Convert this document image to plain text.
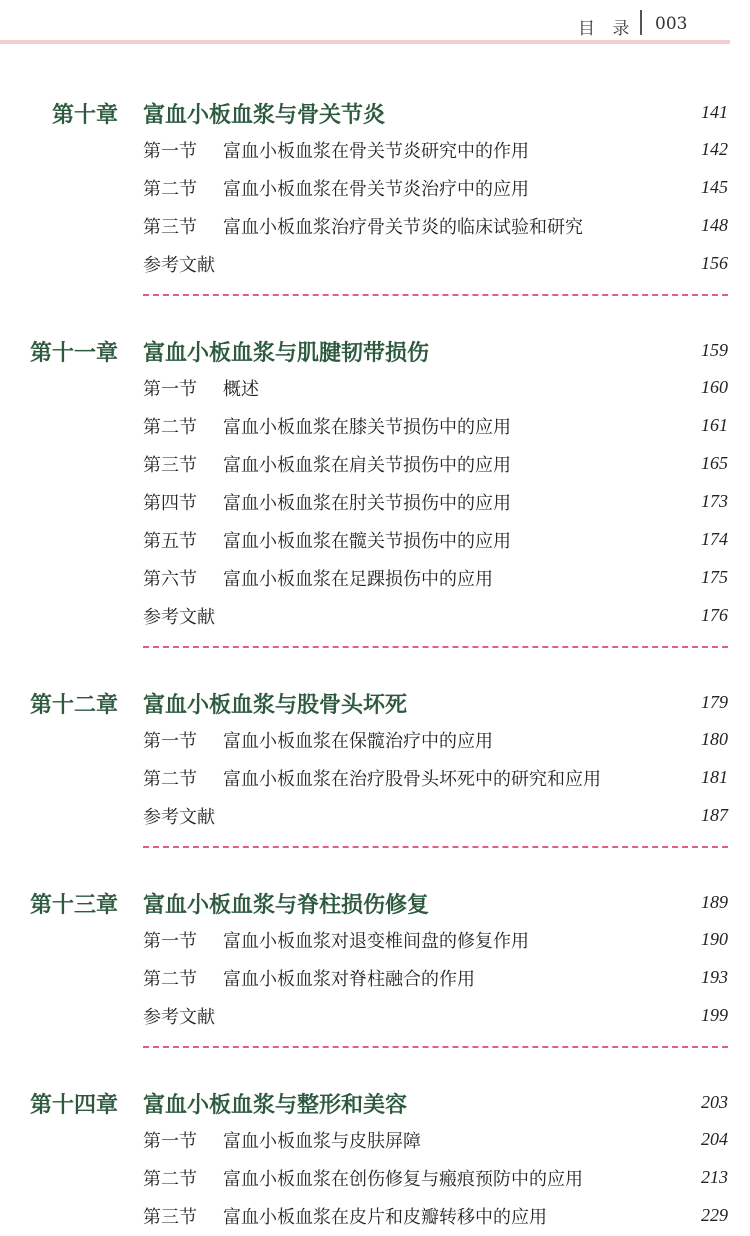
目 录 003
第十章 富血小板血浆与骨关节炎	141
第一节 富血小板血浆在骨关节炎研究中的作用	142
第二节 富血小板血浆在骨关节炎治疗中的应用	145
第三节 富血小板血浆治疗骨关节炎的临床试验和研究	148
参考文献	156
第十一章 富血小板血浆与肌腱韧带损伤	159
第一节 概述	160
第二节 富血小板血浆在膝关节损伤中的应用	161
第三节 富血小板血浆在肩关节损伤中的应用	165
第四节 富血小板血浆在肘关节损伤中的应用	173
第五节 富血小板血浆在髋关节损伤中的应用	174
第六节 富血小板血浆在足踝损伤中的应用	175
参考文献	176
第十二章 富血小板血浆与股骨头坏死	179
第一节 富血小板血浆在保髋治疗中的应用	180
第二节 富血小板血浆在治疗股骨头坏死中的研究和应用	181
参考文献	187
第十三章 富血小板血浆与脊柱损伤修复	189
第一节 富血小板血浆对退变椎间盘的修复作用	190
第二节 富血小板血浆对脊柱融合的作用	193
参考文献	199
第十四章 富血小板血浆与整形和美容	203
第一节 富血小板血浆与皮肤屏障	204
第二节 富血小板血浆在创伤修复与瘢痕预防中的应用	213
第三节 富血小板血浆在皮片和皮瓣转移中的应用	229
